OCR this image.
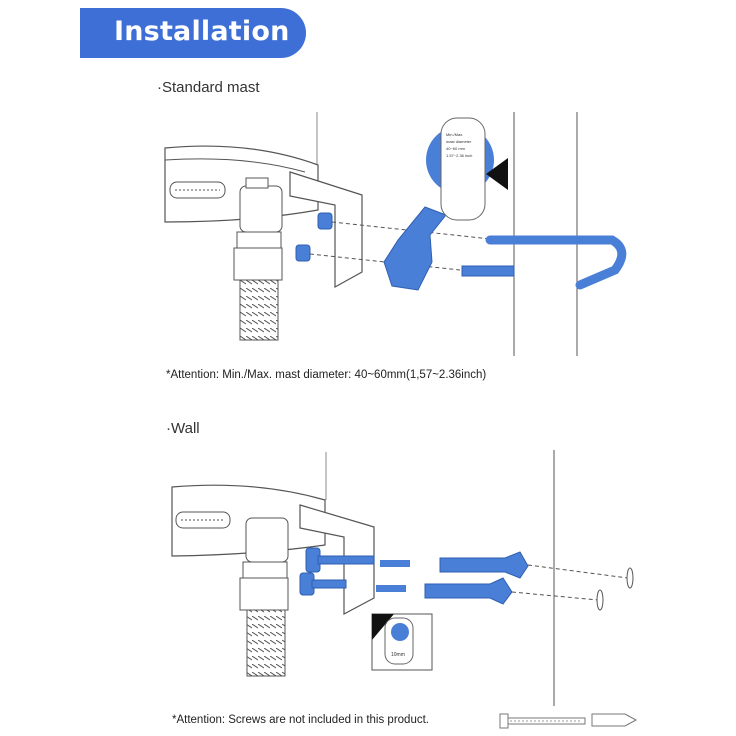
Installation
·Standard mast
·Wall
*Attention: Min./Max. mast diameter: 40~60mm(1,57~2.36inch)
*Attention: Screws are not included in this product.
Min./Max.
mast diameter
40~60 mm
1.57~2.36 inch
10mm
